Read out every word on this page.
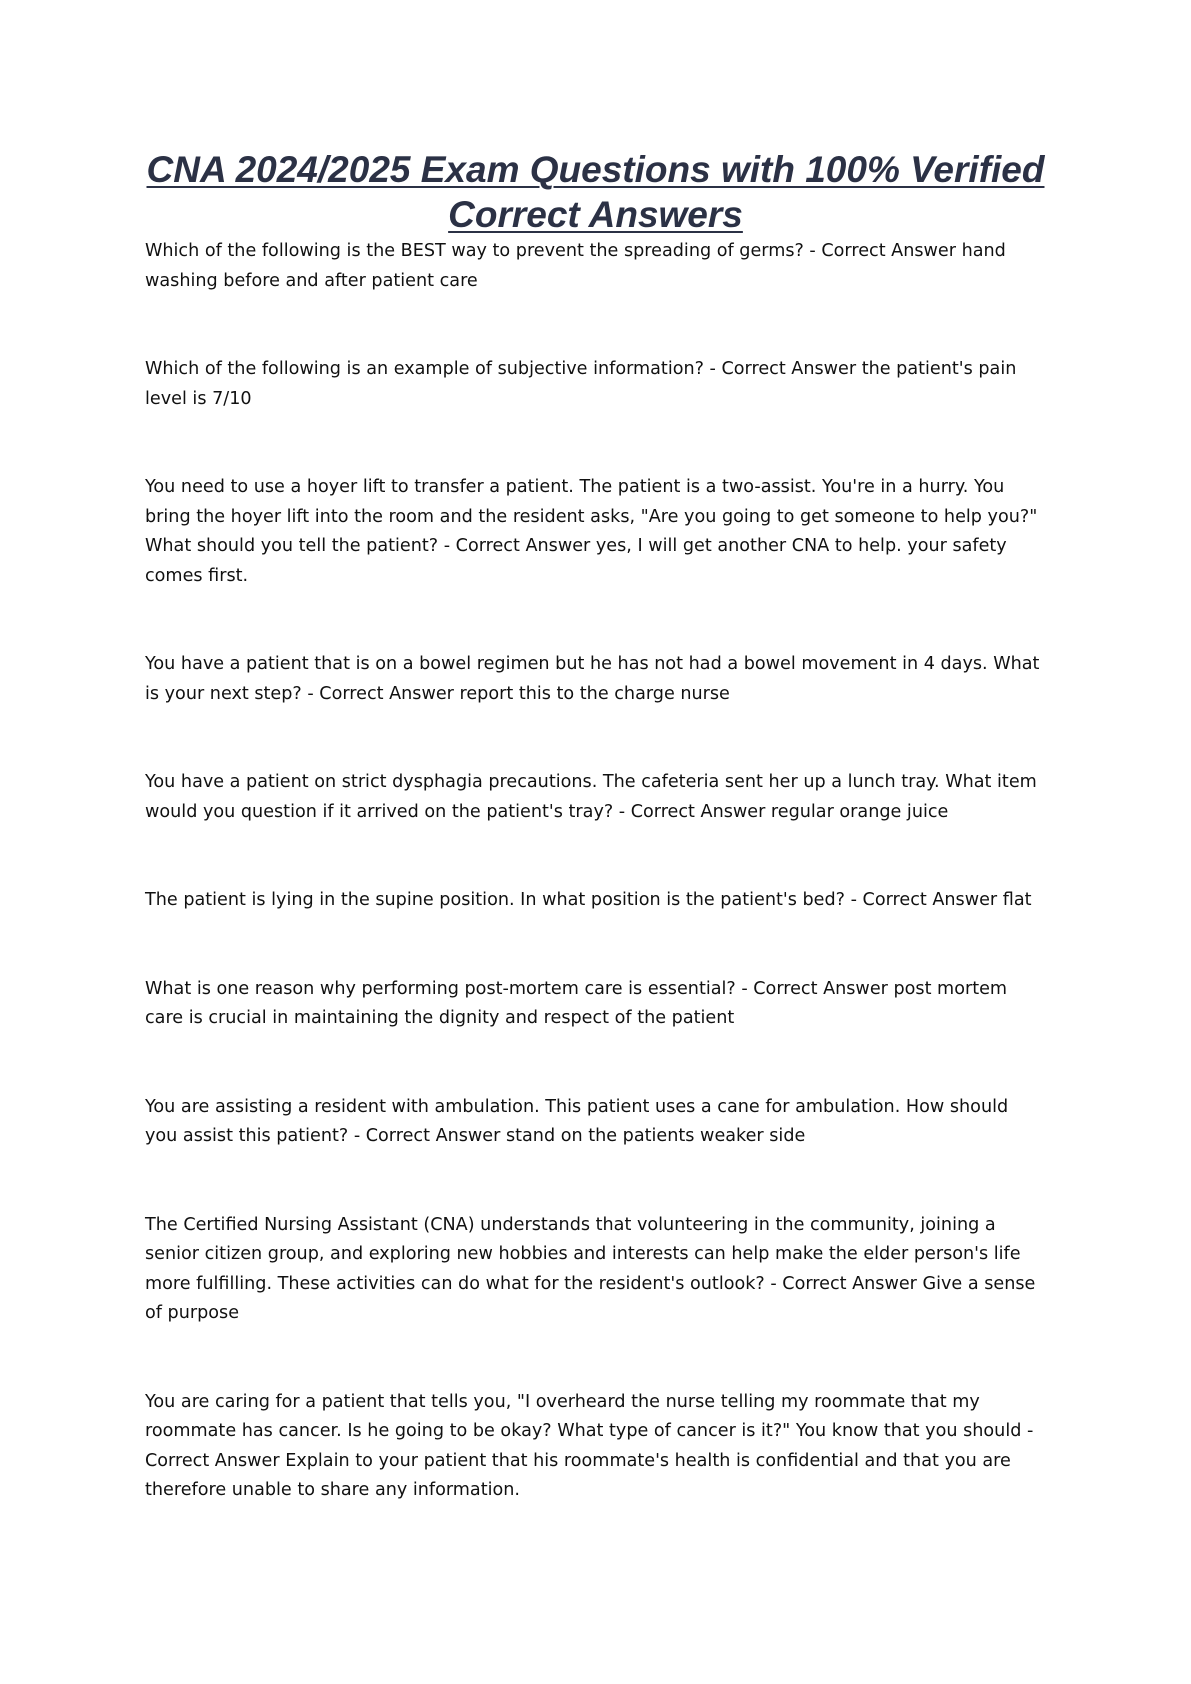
CNA 2024/2025 Exam Questions with 100% Verified Correct Answers
Which of the following is the BEST way to prevent the spreading of germs? - Correct Answer hand
washing before and after patient care
Which of the following is an example of subjective information? - Correct Answer the patient's pain
level is 7/10
You need to use a hoyer lift to transfer a patient. The patient is a two-assist. You're in a hurry. You
bring the hoyer lift into the room and the resident asks, "Are you going to get someone to help you?"
What should you tell the patient? - Correct Answer yes, I will get another CNA to help. your safety
comes first.
You have a patient that is on a bowel regimen but he has not had a bowel movement in 4 days. What
is your next step? - Correct Answer report this to the charge nurse
You have a patient on strict dysphagia precautions. The cafeteria sent her up a lunch tray. What item
would you question if it arrived on the patient's tray? - Correct Answer regular orange juice
The patient is lying in the supine position. In what position is the patient's bed? - Correct Answer flat
What is one reason why performing post-mortem care is essential? - Correct Answer post mortem
care is crucial in maintaining the dignity and respect of the patient
You are assisting a resident with ambulation. This patient uses a cane for ambulation. How should
you assist this patient? - Correct Answer stand on the patients weaker side
The Certified Nursing Assistant (CNA) understands that volunteering in the community, joining a
senior citizen group, and exploring new hobbies and interests can help make the elder person's life
more fulfilling. These activities can do what for the resident's outlook? - Correct Answer Give a sense
of purpose
You are caring for a patient that tells you, "I overheard the nurse telling my roommate that my
roommate has cancer. Is he going to be okay? What type of cancer is it?" You know that you should -
Correct Answer Explain to your patient that his roommate's health is confidential and that you are
therefore unable to share any information.
